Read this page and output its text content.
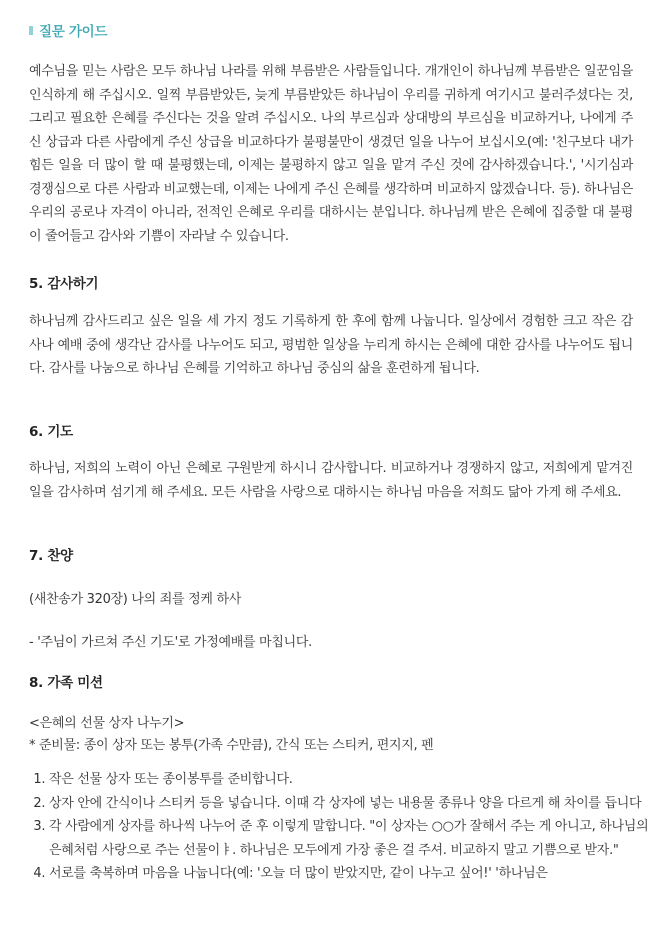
질문 가이드

예수님을 믿는 사람은 모두 하나님 나라를 위해 부름받은 사람들입니다. 개개인이 하나님께 부름받은 일꾼임을 인식하게 해 주십시오. 일찍 부름받았든, 늦게 부름받았든 하나님이 우리를 귀하게 여기시고 불러주셨다는 것, 그리고 필요한 은혜를 주신다는 것을 알려 주십시오. 나의 부르심과 상대방의 부르심을 비교하거나, 나에게 주신 상급과 다른 사람에게 주신 상급을 비교하다가 불평불만이 생겼던 일을 나누어 보십시오(예: '친구보다 내가 힘든 일을 더 많이 할 때 불평했는데, 이제는 불평하지 않고 일을 맡겨 주신 것에 감사하겠습니다.', '시기심과 경쟁심으로 다른 사람과 비교했는데, 이제는 나에게 주신 은혜를 생각하며 비교하지 않겠습니다. 등). 하나님은 우리의 공로나 자격이 아니라, 전적인 은혜로 우리를 대하시는 분입니다. 하나님께 받은 은혜에 집중할 대 불평이 줄어들고 감사와 기쁨이 자라날 수 있습니다.

5. 감사하기

하나님께 감사드리고 싶은 일을 세 가지 정도 기록하게 한 후에 함께 나눕니다. 일상에서 경험한 크고 작은 감사나 예배 중에 생각난 감사를 나누어도 되고, 평범한 일상을 누리게 하시는 은혜에 대한 감사를 나누어도 됩니다. 감사를 나눔으로 하나님 은혜를 기억하고 하나님 중심의 삶을 훈련하게 됩니다.

6. 기도

하나님, 저희의 노력이 아닌 은혜로 구원받게 하시니 감사합니다. 비교하거나 경쟁하지 않고, 저희에게 맡겨진 일을 감사하며 섬기게 해 주세요. 모든 사람을 사랑으로 대하시는 하나님 마음을 저희도 닮아 가게 해 주세요.

7. 찬양

(새찬송가 320장) 나의 죄를 정케 하사

- '주님이 가르쳐 주신 기도'로 가정예배를 마칩니다.

8. 가족 미션

<은혜의 선물 상자 나누기>

* 준비물: 종이 상자 또는 봉투(가족 수만큼), 간식 또는 스티커, 편지지, 펜

1. 작은 선물 상자 또는 종이봉투를 준비합니다.
2. 상자 안에 간식이나 스티커 등을 넣습니다. 이때 각 상자에 넣는 내용물 종류나 양을 다르게 해 차이를 듭니다
3. 각 사람에게 상자를 하나씩 나누어 준 후 이렇게 말합니다. "이 상자는 ○○가 잘해서 주는 게 아니고, 하나님의 은혜처럼 사랑으로 주는 선물이ㅑ. 하나님은 모두에게 가장 좋은 걸 주셔. 비교하지 말고 기쁨으로 받자."
4. 서로를 축복하며 마음을 나눕니다(예: '오늘 더 많이 받았지만, 같이 나누고 싶어!' '하나님은
